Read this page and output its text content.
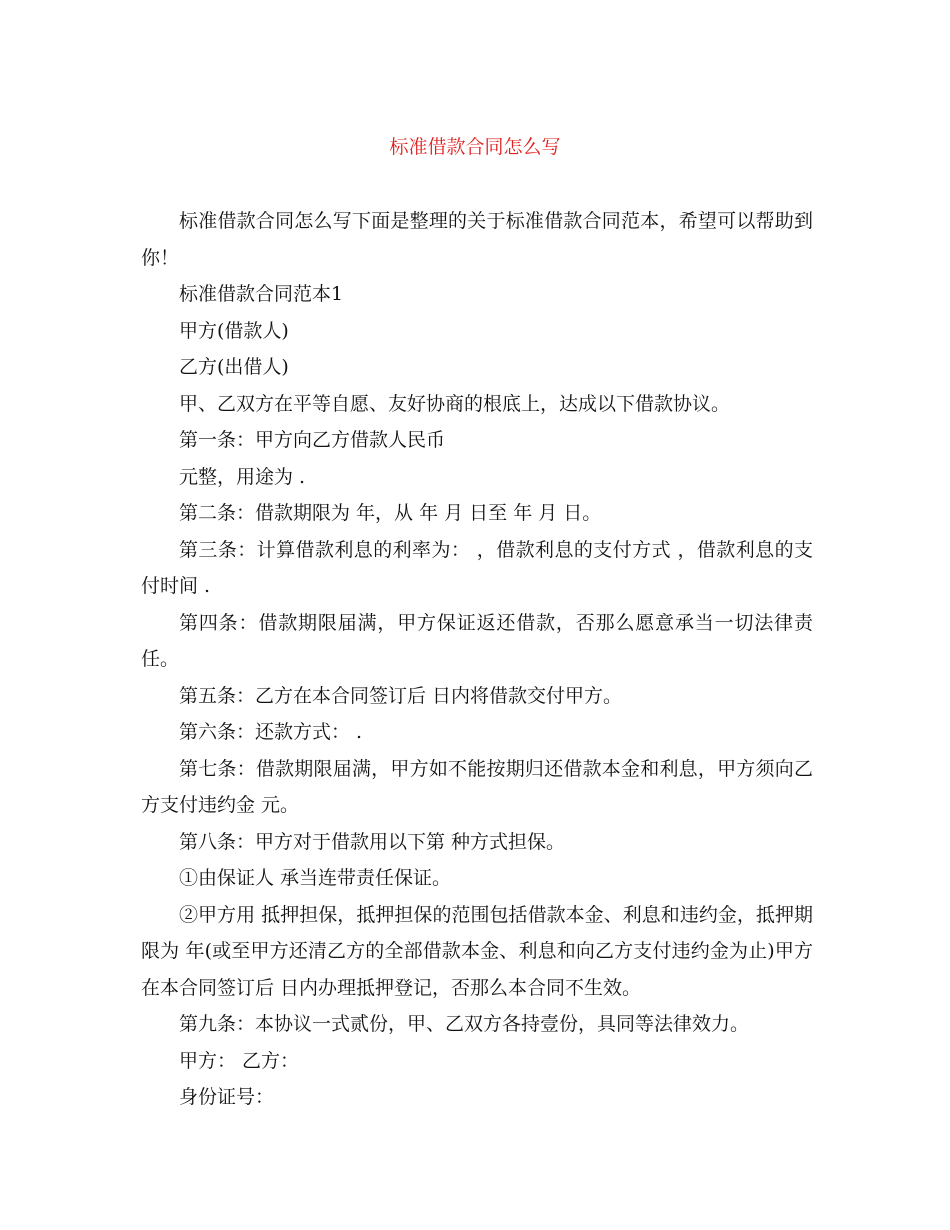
标准借款合同怎么写

标准借款合同怎么写下面是整理的关于标准借款合同范本，希望可以帮助到你！

标准借款合同范本1

甲方(借款人)

乙方(出借人)

甲、乙双方在平等自愿、友好协商的根底上，达成以下借款协议。

第一条：甲方向乙方借款人民币

元整，用途为 .

第二条：借款期限为 年，从 年 月 日至 年 月 日。

第三条：计算借款利息的利率为： ，借款利息的支付方式 ，借款利息的支付时间 .

第四条：借款期限届满，甲方保证返还借款，否那么愿意承当一切法律责任。

第五条：乙方在本合同签订后 日内将借款交付甲方。

第六条：还款方式： .

第七条：借款期限届满，甲方如不能按期归还借款本金和利息，甲方须向乙方支付违约金 元。

第八条：甲方对于借款用以下第 种方式担保。

①由保证人 承当连带责任保证。

②甲方用 抵押担保，抵押担保的范围包括借款本金、利息和违约金，抵押期限为 年(或至甲方还清乙方的全部借款本金、利息和向乙方支付违约金为止)甲方在本合同签订后 日内办理抵押登记，否那么本合同不生效。

第九条：本协议一式贰份，甲、乙双方各持壹份，具同等法律效力。

甲方： 乙方：

身份证号：
